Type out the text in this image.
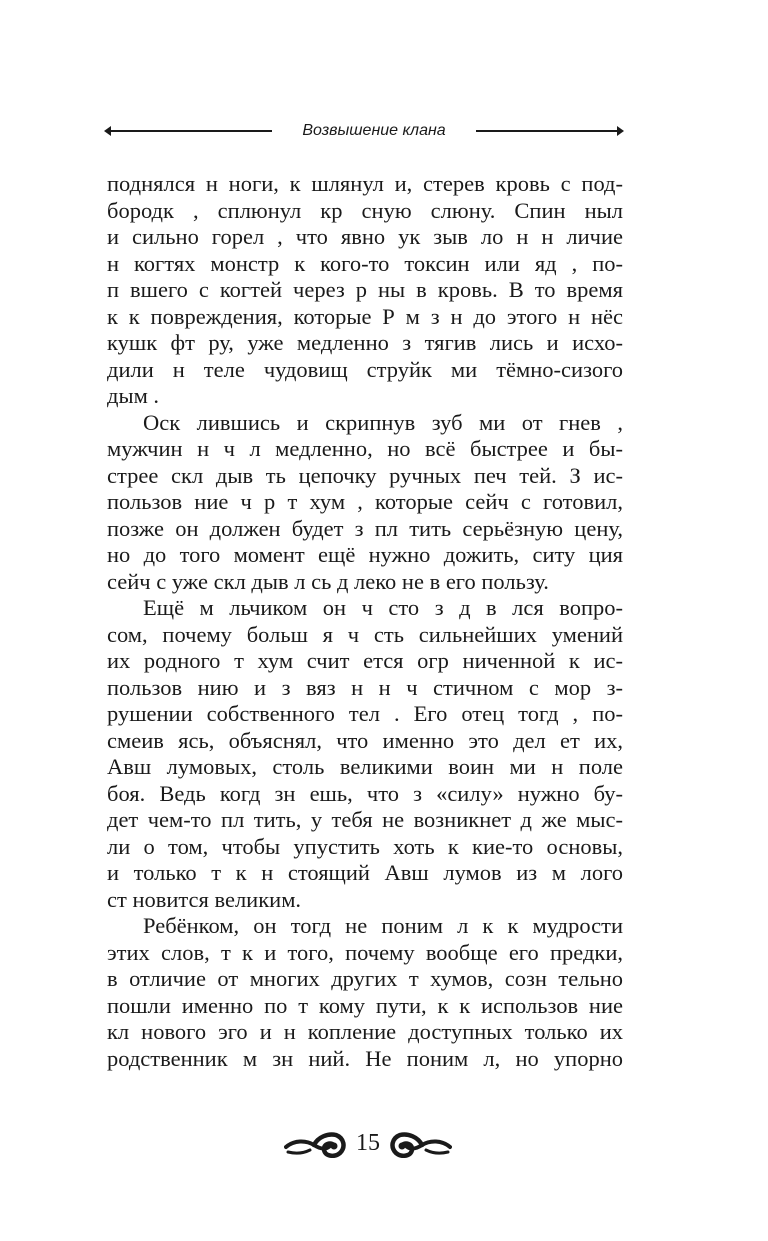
Возвышение клана
поднялся н ноги, к шлянул и, стерев кровь с под-
бородк , сплюнул кр сную слюну. Спин ныл
и сильно горел , что явно ук зыв ло н н личие
н когтях монстр к кого-то токсин или яд , по-
п вшего с когтей через р ны в кровь. В то время
к к повреждения, которые Р м з н до этого н нёс
кушк фт ру, уже медленно з тягив лись и исхо-
дили н теле чудовищ струйк ми тёмно-сизого
дым .
Оск лившись и скрипнув зуб ми от гнев ,
мужчин н ч л медленно, но всё быстрее и бы-
стрее скл дыв ть цепочку ручных печ тей. З ис-
пользов ние ч р т хум , которые сейч с готовил,
позже он должен будет з пл тить серьёзную цену,
но до того момент ещё нужно дожить, ситу ция
сейч с уже скл дыв л сь д леко не в его пользу.
Ещё м льчиком он ч сто з д в лся вопро-
сом, почему больш я ч сть сильнейших умений
их родного т хум счит ется огр ниченной к ис-
пользов нию и з вяз н н ч стичном с мор з-
рушении собственного тел . Его отец тогд , по-
смеив ясь, объяснял, что именно это дел ет их,
Авш лумовых, столь великими воин ми н поле
боя. Ведь когд зн ешь, что з «силу» нужно бу-
дет чем-то пл тить, у тебя не возникнет д же мыс-
ли о том, чтобы упустить хоть к кие-то основы,
и только т к н стоящий Авш лумов из м лого
ст новится великим.
Ребёнком, он тогд не поним л к к мудрости
этих слов, т к и того, почему вообще его предки,
в отличие от многих других т хумов, созн тельно
пошли именно по т кому пути, к к использов ние
кл нового эго и н копление доступных только их
родственник м зн ний. Не поним л, но упорно
15
